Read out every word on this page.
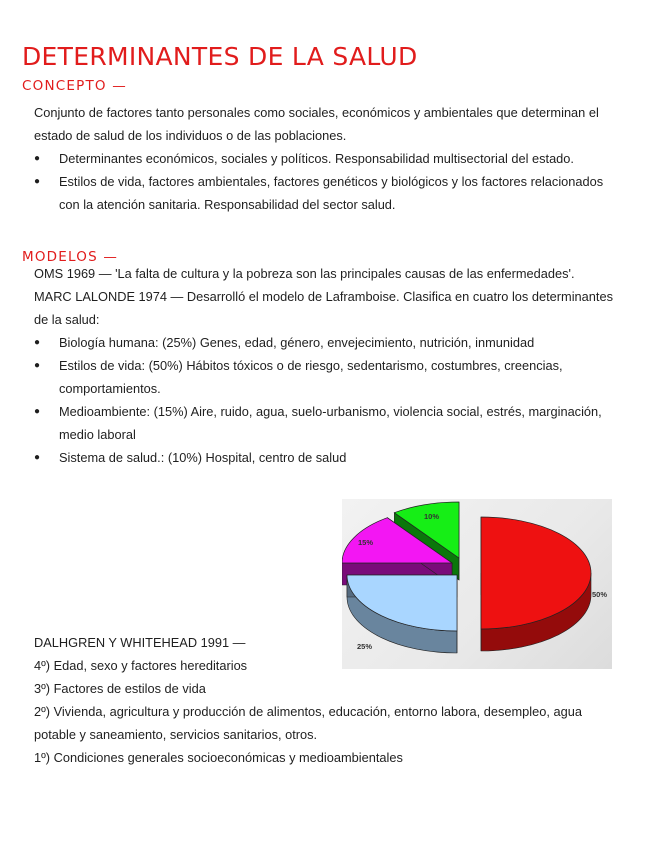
DETERMINANTES DE LA SALUD
CONCEPTO —

Conjunto de factores tanto personales como sociales, económicos y ambientales que determinan el estado de salud de los individuos o de las poblaciones.

● Determinantes económicos, sociales y políticos. Responsabilidad multisectorial del estado.
● Estilos de vida, factores ambientales, factores genéticos y biológicos y los factores relacionados con la atención sanitaria. Responsabilidad del sector salud.
MODELOS —

OMS 1969 — 'La falta de cultura y la pobreza son las principales causas de las enfermedades'.

MARC LALONDE 1974 — Desarrolló el modelo de Laframboise. Clasifica en cuatro los determinantes de la salud:

● Biología humana: (25%) Genes, edad, género, envejecimiento, nutrición, inmunidad
● Estilos de vida: (50%) Hábitos tóxicos o de riesgo, sedentarismo, costumbres, creencias, comportamientos.
● Medioambiente: (15%) Aire, ruido, agua, suelo-urbanismo, violencia social, estrés, marginación, medio laboral
● Sistema de salud.: (10%) Hospital, centro de salud
50%
25%
15%
10%

DALHGREN Y WHITEHEAD 1991 —

4º) Edad, sexo y factores hereditarios

3º) Factores de estilos de vida

2º) Vivienda, agricultura y producción de alimentos, educación, entorno labora, desempleo, agua potable y saneamiento, servicios sanitarios, otros.

1º) Condiciones generales socioeconómicas y medioambientales
